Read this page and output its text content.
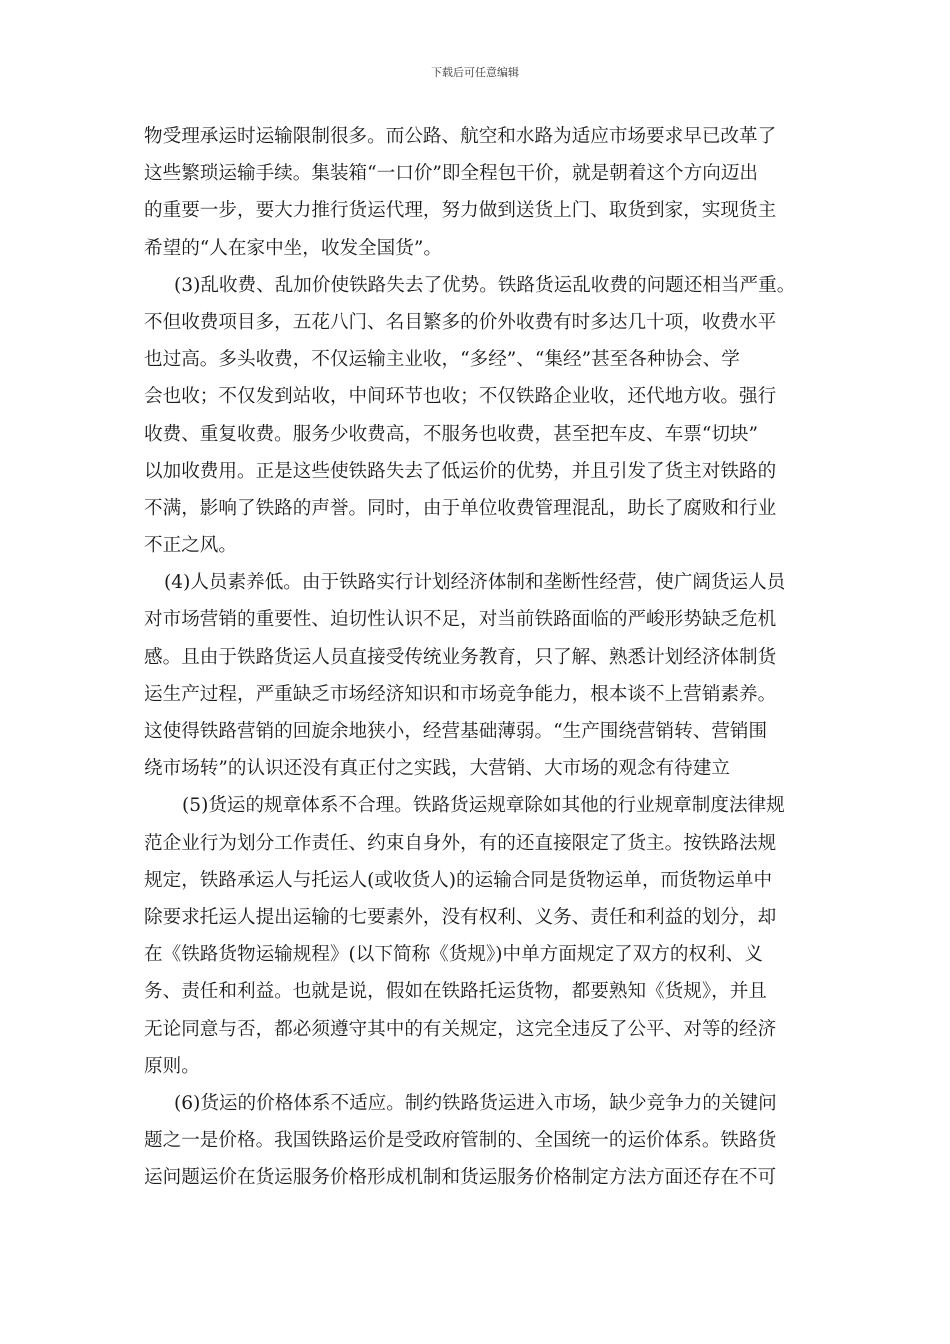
下载后可任意编辑
物受理承运时运输限制很多。而公路、航空和水路为适应市场要求早已改革了
这些繁琐运输手续。集装箱“一口价”即全程包干价，就是朝着这个方向迈出
的重要一步，要大力推行货运代理，努力做到送货上门、取货到家，实现货主
希望的“人在家中坐，收发全国货”。
(3)乱收费、乱加价使铁路失去了优势。铁路货运乱收费的问题还相当严重。
不但收费项目多，五花八门、名目繁多的价外收费有时多达几十项，收费水平
也过高。多头收费，不仅运输主业收，“多经”、“集经”甚至各种协会、学
会也收；不仅发到站收，中间环节也收；不仅铁路企业收，还代地方收。强行
收费、重复收费。服务少收费高，不服务也收费，甚至把车皮、车票“切块”
以加收费用。正是这些使铁路失去了低运价的优势，并且引发了货主对铁路的
不满，影响了铁路的声誉。同时，由于单位收费管理混乱，助长了腐败和行业
不正之风。
(4)人员素养低。由于铁路实行计划经济体制和垄断性经营，使广阔货运人员
对市场营销的重要性、迫切性认识不足，对当前铁路面临的严峻形势缺乏危机
感。且由于铁路货运人员直接受传统业务教育，只了解、熟悉计划经济体制货
运生产过程，严重缺乏市场经济知识和市场竞争能力，根本谈不上营销素养。
这使得铁路营销的回旋余地狭小，经营基础薄弱。“生产围绕营销转、营销围
绕市场转”的认识还没有真正付之实践，大营销、大市场的观念有待建立
(5)货运的规章体系不合理。铁路货运规章除如其他的行业规章制度法律规
范企业行为划分工作责任、约束自身外，有的还直接限定了货主。按铁路法规
规定，铁路承运人与托运人(或收货人)的运输合同是货物运单，而货物运单中
除要求托运人提出运输的七要素外，没有权利、义务、责任和利益的划分，却
在《铁路货物运输规程》(以下简称《货规》)中单方面规定了双方的权利、义
务、责任和利益。也就是说，假如在铁路托运货物，都要熟知《货规》，并且
无论同意与否，都必须遵守其中的有关规定，这完全违反了公平、对等的经济
原则。
(6)货运的价格体系不适应。制约铁路货运进入市场，缺少竞争力的关键问
题之一是价格。我国铁路运价是受政府管制的、全国统一的运价体系。铁路货
运问题运价在货运服务价格形成机制和货运服务价格制定方法方面还存在不可
